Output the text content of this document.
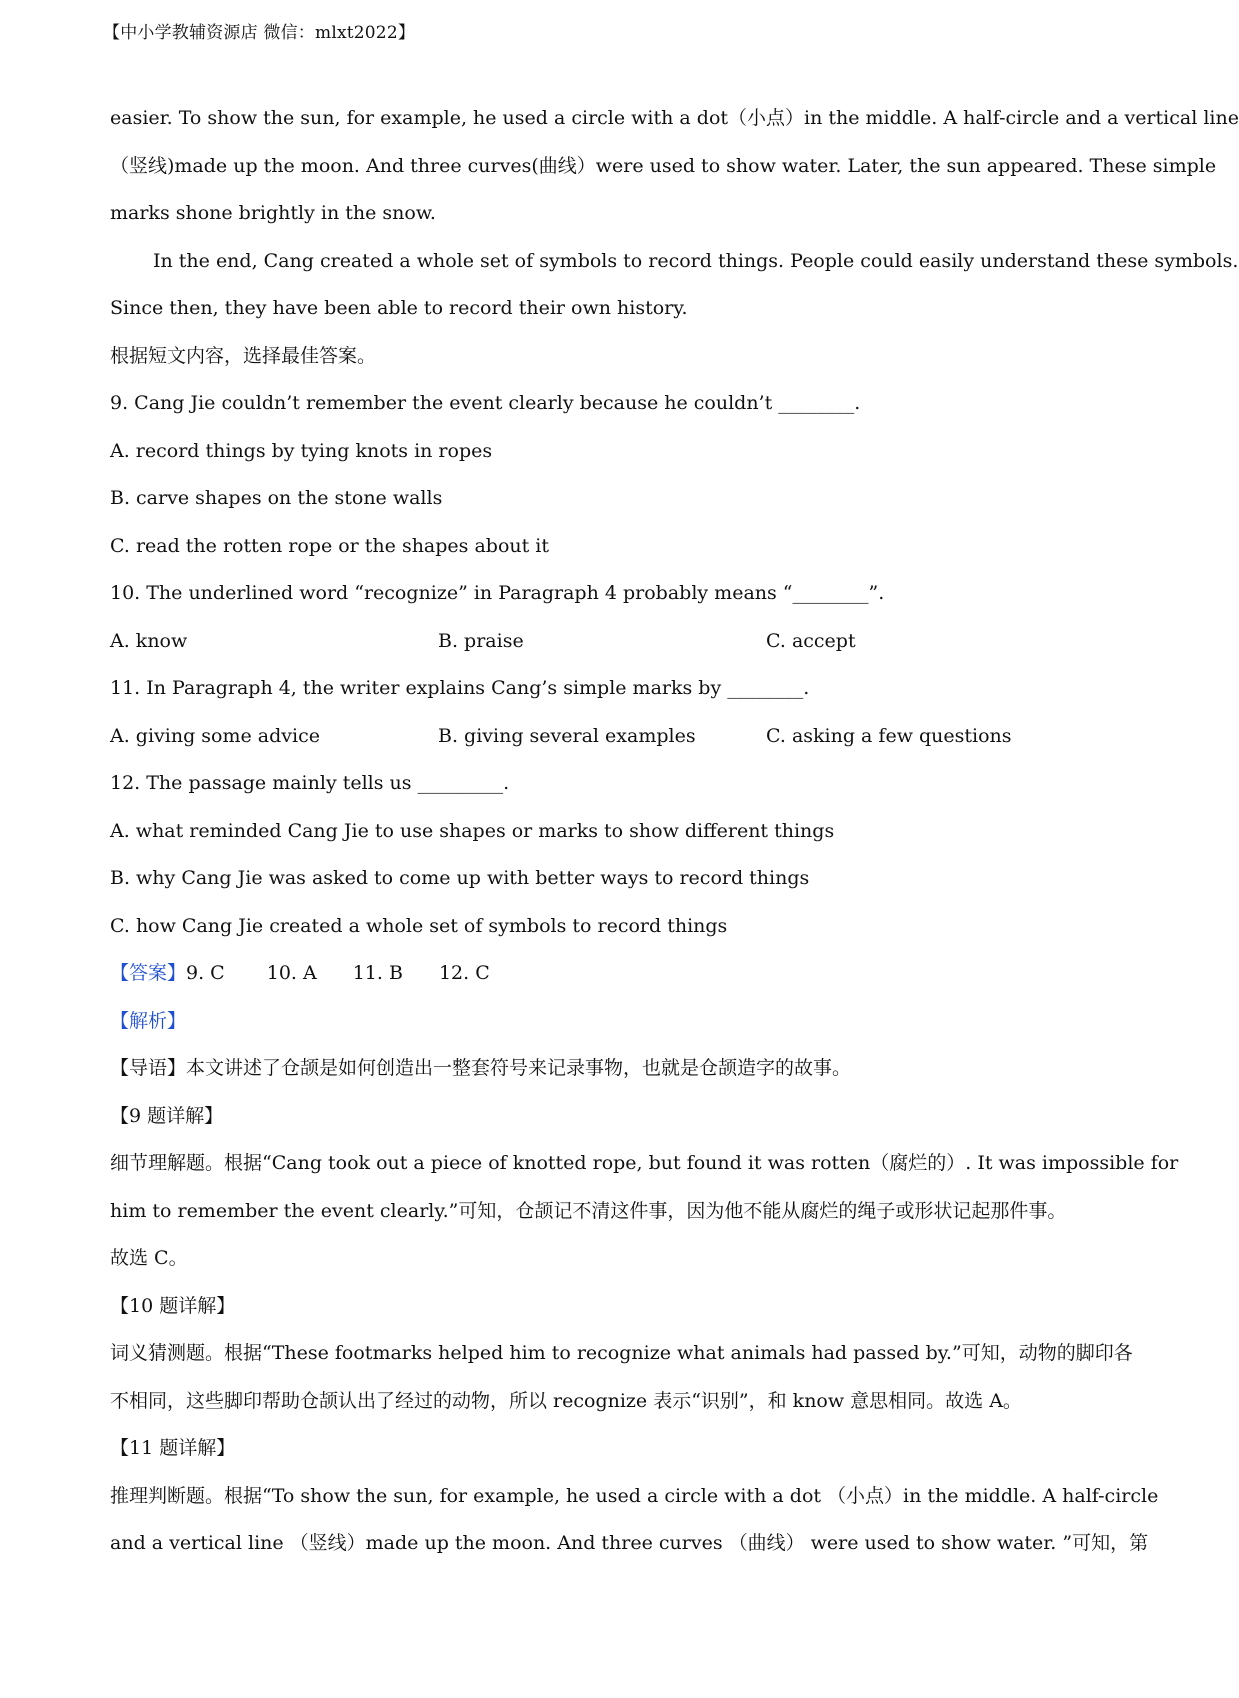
【中小学教辅资源店 微信：mlxt2022】
easier. To show the sun, for example, he used a circle with a dot（小点）in the middle. A half-circle and a vertical line
（竖线)made up the moon. And three curves(曲线）were used to show water. Later, the sun appeared. These simple
marks shone brightly in the snow.
In the end, Cang created a whole set of symbols to record things. People could easily understand these symbols.
Since then, they have been able to record their own history.
根据短文内容，选择最佳答案。
9. Cang Jie couldn’t remember the event clearly because he couldn’t ________.
A. record things by tying knots in ropes
B. carve shapes on the stone walls
C. read the rotten rope or the shapes about it
10. The underlined word “recognize” in Paragraph 4 probably means “________”.
A. know	B. praise	C. accept
11. In Paragraph 4, the writer explains Cang’s simple marks by ________.
A. giving some advice	B. giving several examples	C. asking a few questions
12. The passage mainly tells us _________.
A. what reminded Cang Jie to use shapes or marks to show different things
B. why Cang Jie was asked to come up with better ways to record things
C. how Cang Jie created a whole set of symbols to record things
【答案】9. C 10. A 11. B 12. C
【解析】
【导语】本文讲述了仓颉是如何创造出一整套符号来记录事物，也就是仓颉造字的故事。
【9 题详解】
细节理解题。根据“Cang took out a piece of knotted rope, but found it was rotten（腐烂的）. It was impossible for
him to remember the event clearly.”可知，仓颉记不清这件事，因为他不能从腐烂的绳子或形状记起那件事。
故选 C。
【10 题详解】
词义猜测题。根据“These footmarks helped him to recognize what animals had passed by.”可知，动物的脚印各
不相同，这些脚印帮助仓颉认出了经过的动物，所以 recognize 表示“识别”，和 know 意思相同。故选 A。
【11 题详解】
推理判断题。根据“To show the sun, for example, he used a circle with a dot （小点）in the middle. A half-circle
and a vertical line （竖线）made up the moon. And three curves （曲线） were used to show water. ”可知，第
